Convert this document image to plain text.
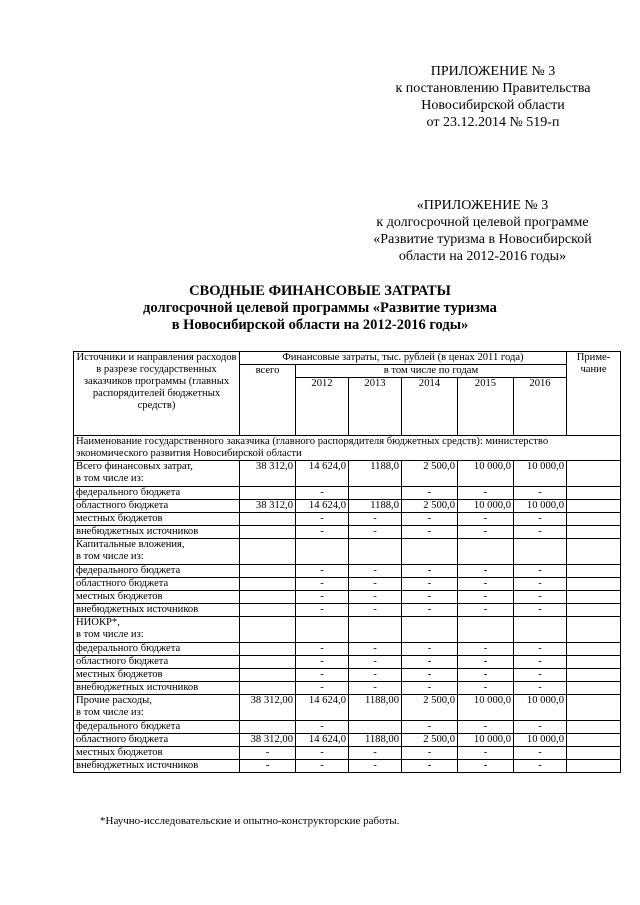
ПРИЛОЖЕНИЕ № 3
к постановлению Правительства
Новосибирской области
от 23.12.2014 № 519-п
«ПРИЛОЖЕНИЕ № 3
к долгосрочной целевой программе
«Развитие туризма в Новосибирской
области на 2012-2016 годы»
СВОДНЫЕ ФИНАНСОВЫЕ ЗАТРАТЫ
долгосрочной целевой программы «Развитие туризма
в Новосибирской области на 2012-2016 годы»
Источники и направления расходов в разрезе государственных заказчиков программы (главных распорядителей бюджетных средств)	Финансовые затраты, тыс. рублей (в ценах 2011 года)						Приме-чание
	всего	в том числе по годам					
		2012	2013	2014	2015	2016	
Наименование государственного заказчика (главного распорядителя бюджетных средств): министерство экономического развития Новосибирской области							

Всего финансовых затрат,
в том числе из:	38 312,0	14 624,0	1188,0	2 500,0	10 000,0	10 000,0	
федерального бюджета		-		-	-	-	
областного бюджета	38 312,0	14 624,0	1188,0	2 500,0	10 000,0	10 000,0	
местных бюджетов		-	-	-	-	-	
внебюджетных источников		-	-	-	-	-	

Капитальные вложения,
в том числе из:							

федерального бюджета		-	-	-	-	-	
областного бюджета		-	-	-	-	-	
местных бюджетов		-	-	-	-	-	
внебюджетных источников		-	-	-	-	-	

НИОКР*,
в том числе из:							

федерального бюджета		-	-	-	-	-	
областного бюджета		-	-	-	-	-	
местных бюджетов		-	-	-	-	-	
внебюджетных источников		-	-	-	-	-	

Прочие расходы,
в том числе из:	38 312,00	14 624,0	1188,00	2 500,0	10 000,0	10 000,0	
федерального бюджета		-		-	-	-	
областного бюджета	38 312,00	14 624,0	1188,00	2 500,0	10 000,0	10 000,0	
местных бюджетов	-	-	-	-	-	-	
внебюджетных источников	-	-	-	-	-	-	
*Научно-исследовательские и опытно-конструкторские работы.
